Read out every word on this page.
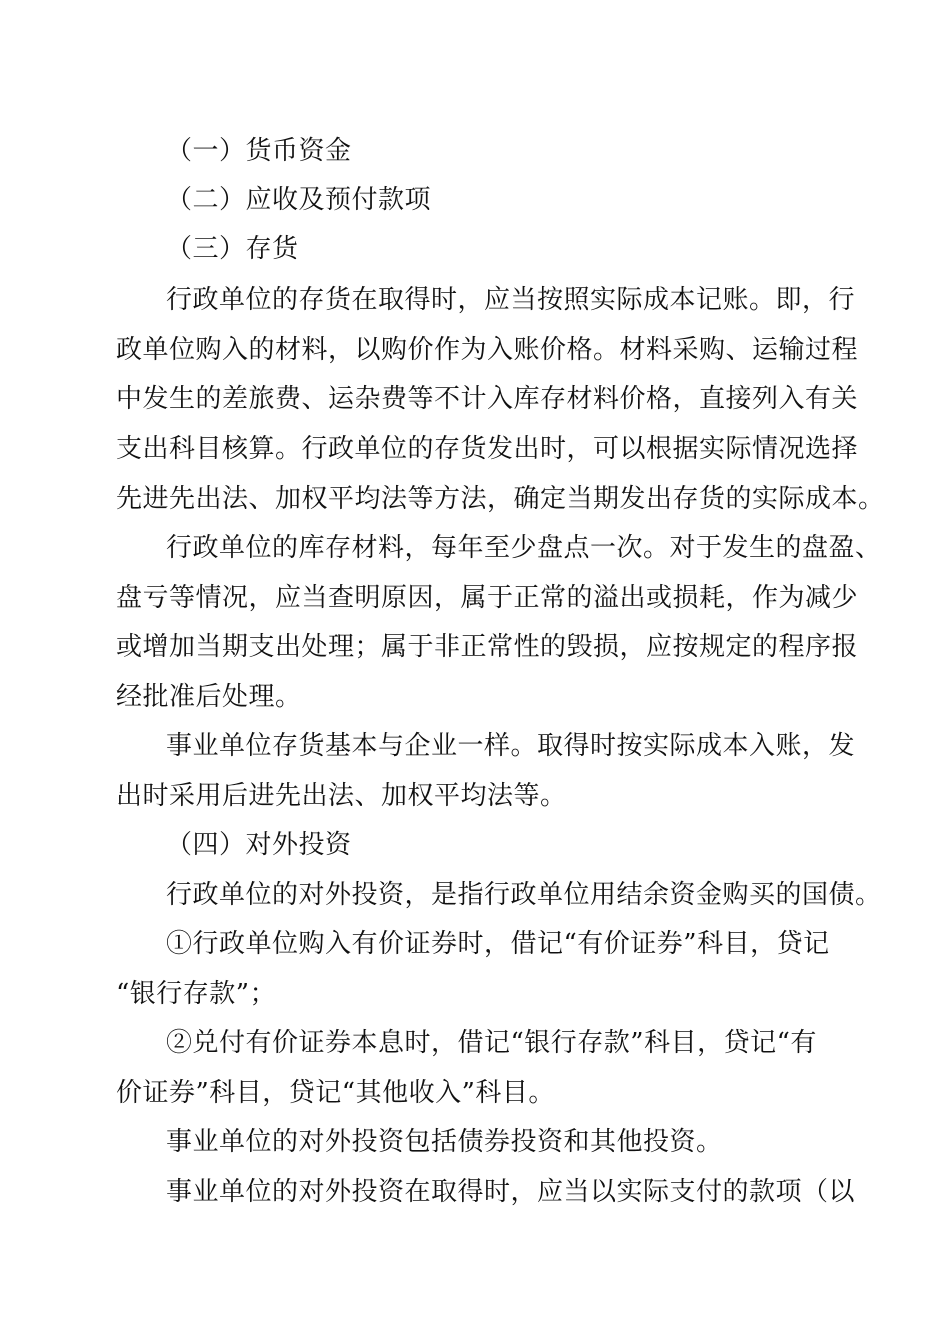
（一）货币资金
（二）应收及预付款项
（三）存货
行政单位的存货在取得时，应当按照实际成本记账。即，行
政单位购入的材料，以购价作为入账价格。材料采购、运输过程
中发生的差旅费、运杂费等不计入库存材料价格，直接列入有关
支出科目核算。行政单位的存货发出时，可以根据实际情况选择
先进先出法、加权平均法等方法，确定当期发出存货的实际成本。
行政单位的库存材料，每年至少盘点一次。对于发生的盘盈、
盘亏等情况，应当查明原因，属于正常的溢出或损耗，作为减少
或增加当期支出处理；属于非正常性的毁损，应按规定的程序报
经批准后处理。
事业单位存货基本与企业一样。取得时按实际成本入账，发
出时采用后进先出法、加权平均法等。
（四）对外投资
行政单位的对外投资，是指行政单位用结余资金购买的国债。
①行政单位购入有价证券时，借记“有价证券”科目，贷记
“银行存款”；
②兑付有价证券本息时，借记“银行存款”科目，贷记“有
价证券”科目，贷记“其他收入”科目。
事业单位的对外投资包括债券投资和其他投资。
事业单位的对外投资在取得时，应当以实际支付的款项（以
